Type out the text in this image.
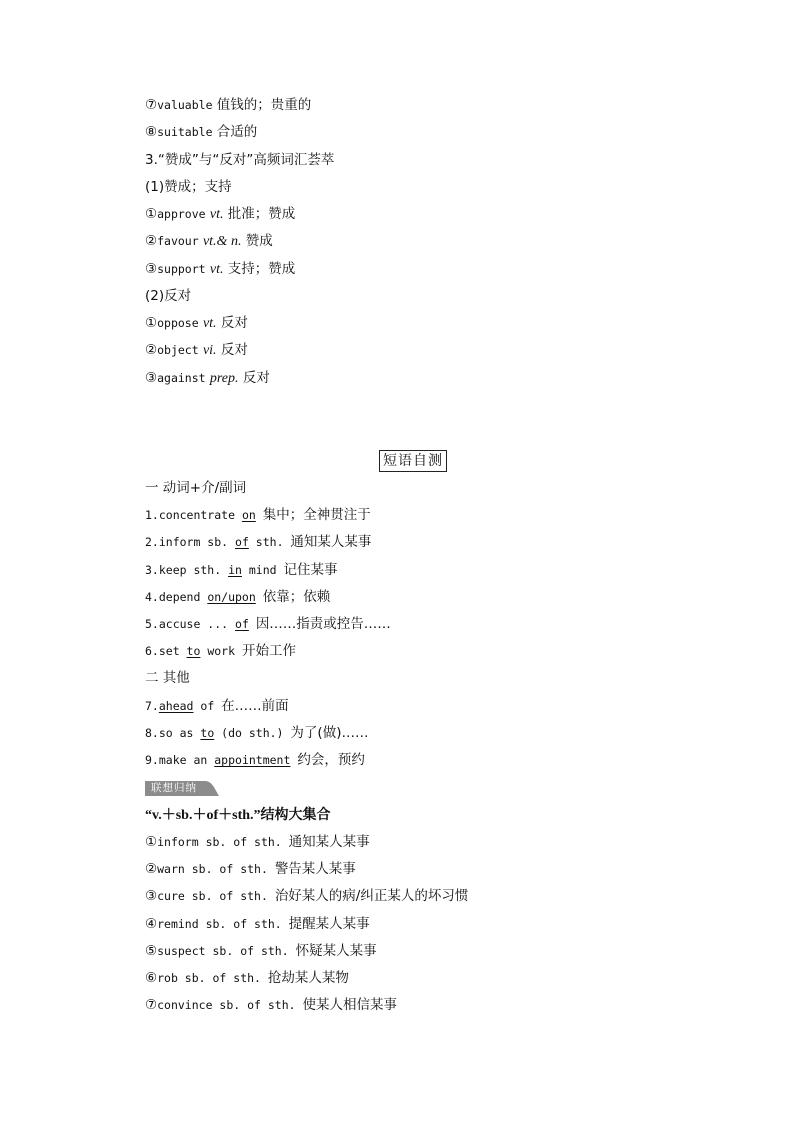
⑦valuable 值钱的；贵重的
⑧suitable 合适的
3.“赞成”与“反对”高频词汇荟萃
(1)赞成；支持
①approve vt. 批准；赞成
②favour vt.& n. 赞成
③support vt. 支持；赞成
(2)反对
①oppose vt. 反对
②object vi. 反对
③against prep. 反对
短语自测
一 动词+介/副词
1.concentrate on 集中；全神贯注于
2.inform sb. of sth. 通知某人某事
3.keep sth. in mind 记住某事
4.depend on/upon 依靠；依赖
5.accuse ... of 因……指责或控告……
6.set to work 开始工作
二 其他
7.ahead of 在……前面
8.so as to (do sth.) 为了(做)……
9.make an appointment 约会，预约
联想归纳
“v.＋sb.＋of＋sth.”结构大集合
①inform sb. of sth. 通知某人某事
②warn sb. of sth. 警告某人某事
③cure sb. of sth. 治好某人的病/纠正某人的坏习惯
④remind sb. of sth. 提醒某人某事
⑤suspect sb. of sth. 怀疑某人某事
⑥rob sb. of sth. 抢劫某人某物
⑦convince sb. of sth. 使某人相信某事
